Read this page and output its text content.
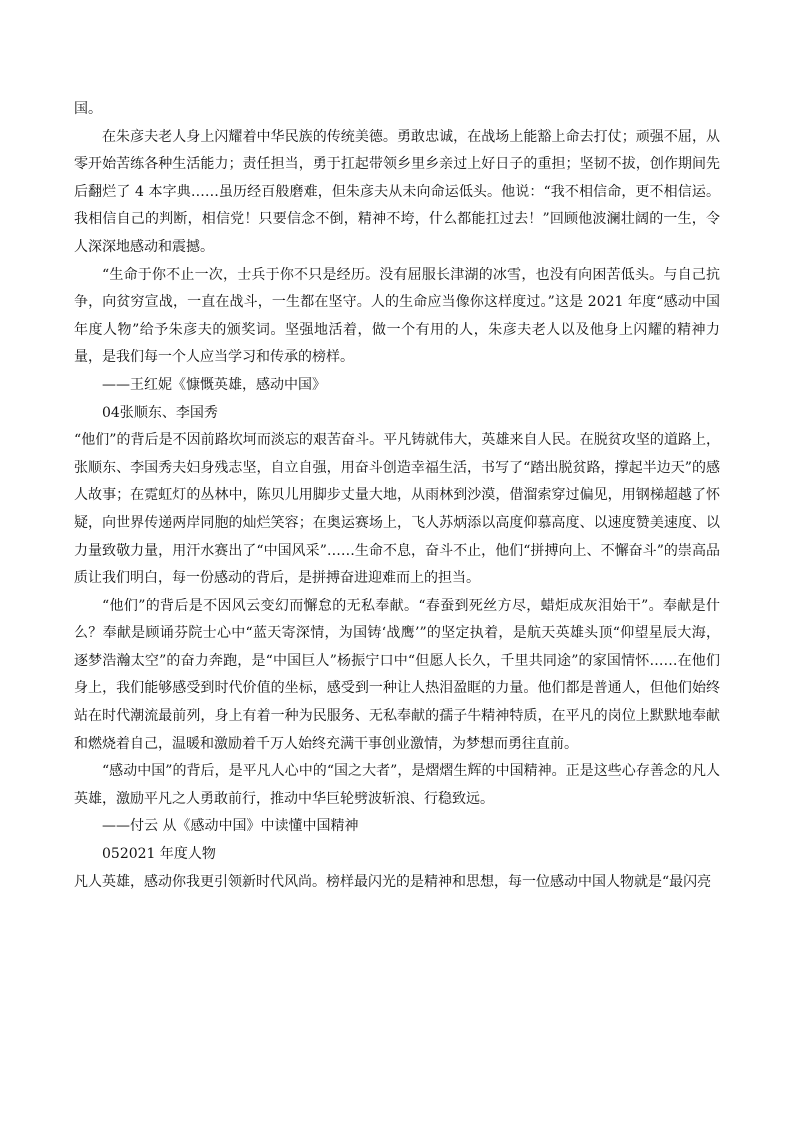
国。

在朱彦夫老人身上闪耀着中华民族的传统美德。勇敢忠诚，在战场上能豁上命去打仗；顽强不屈，从零开始苦练各种生活能力；责任担当，勇于扛起带领乡里乡亲过上好日子的重担；坚韧不拔，创作期间先后翻烂了 4 本字典……虽历经百般磨难，但朱彦夫从未向命运低头。他说：“我不相信命，更不相信运。我相信自己的判断，相信党！只要信念不倒，精神不垮，什么都能扛过去！”回顾他波澜壮阔的一生，令人深深地感动和震撼。

“生命于你不止一次，士兵于你不只是经历。没有屈服长津湖的冰雪，也没有向困苦低头。与自己抗争，向贫穷宣战，一直在战斗，一生都在坚守。人的生命应当像你这样度过。”这是 2021 年度“感动中国年度人物”给予朱彦夫的颁奖词。坚强地活着，做一个有用的人，朱彦夫老人以及他身上闪耀的精神力量，是我们每一个人应当学习和传承的榜样。

——王红妮《慷慨英雄，感动中国》

04张顺东、李国秀

“他们”的背后是不因前路坎坷而淡忘的艰苦奋斗。平凡铸就伟大，英雄来自人民。在脱贫攻坚的道路上，张顺东、李国秀夫妇身残志坚，自立自强，用奋斗创造幸福生活，书写了“踏出脱贫路，撑起半边天”的感人故事；在霓虹灯的丛林中，陈贝儿用脚步丈量大地，从雨林到沙漠，借溜索穿过偏见，用钢梯超越了怀疑，向世界传递两岸同胞的灿烂笑容；在奥运赛场上，飞人苏炳添以高度仰慕高度、以速度赞美速度、以力量致敬力量，用汗水赛出了“中国风采”……生命不息，奋斗不止，他们“拼搏向上、不懈奋斗”的崇高品质让我们明白，每一份感动的背后，是拼搏奋进迎难而上的担当。

“他们”的背后是不因风云变幻而懈怠的无私奉献。“春蚕到死丝方尽，蜡炬成灰泪始干”。奉献是什么？奉献是顾诵芬院士心中“蓝天寄深情，为国铸‘战鹰’”的坚定执着，是航天英雄头顶“仰望星辰大海，逐梦浩瀚太空”的奋力奔跑，是“中国巨人”杨振宁口中“但愿人长久，千里共同途”的家国情怀……在他们身上，我们能够感受到时代价值的坐标，感受到一种让人热泪盈眶的力量。他们都是普通人，但他们始终站在时代潮流最前列，身上有着一种为民服务、无私奉献的孺子牛精神特质，在平凡的岗位上默默地奉献和燃烧着自己，温暖和激励着千万人始终充满干事创业激情，为梦想而勇往直前。

“感动中国”的背后，是平凡人心中的“国之大者”，是熠熠生辉的中国精神。正是这些心存善念的凡人英雄，激励平凡之人勇敢前行，推动中华巨轮劈波斩浪、行稳致远。

——付云 从《感动中国》中读懂中国精神

052021 年度人物

凡人英雄，感动你我更引领新时代风尚。榜样最闪光的是精神和思想，每一位感动中国人物就是“最闪亮
